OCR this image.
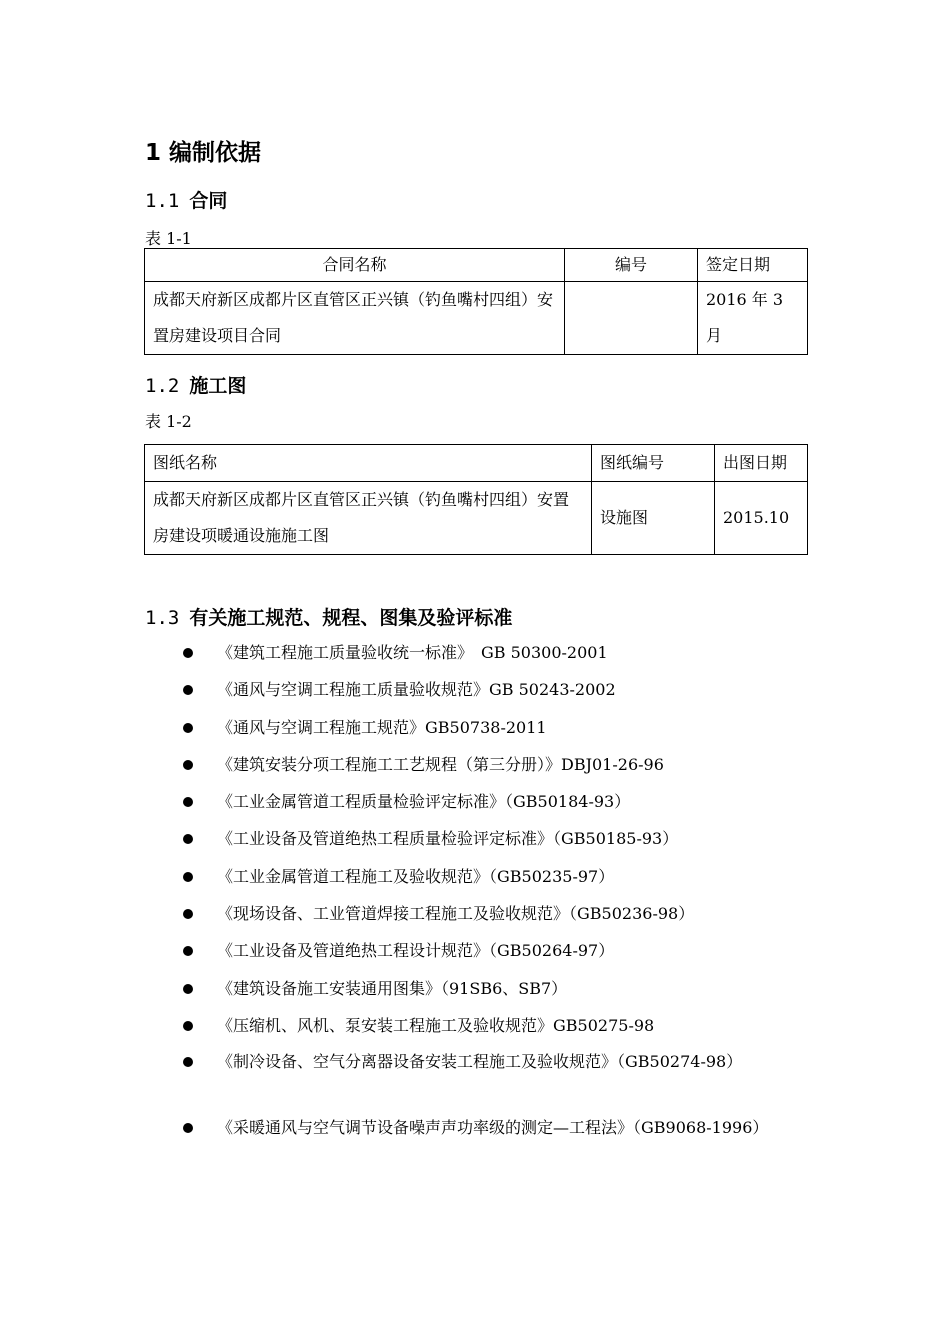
1 编制依据
1.1 合同
表 1-1
合同名称	编号	签定日期
成都天府新区成都片区直管区正兴镇（钓鱼嘴村四组）安置房建设项目合同		2016 年 3 月
1.2 施工图
表 1-2
图纸名称	图纸编号	出图日期
成都天府新区成都片区直管区正兴镇（钓鱼嘴村四组）安置房建设项暖通设施施工图	设施图	2015.10
1.3 有关施工规范、规程、图集及验评标准
《建筑工程施工质量验收统一标准》　GB 50300-2001
《通风与空调工程施工质量验收规范》GB 50243-2002
《通风与空调工程施工规范》GB50738-2011
《建筑安装分项工程施工工艺规程（第三分册）》DBJ01-26-96
《工业金属管道工程质量检验评定标准》（GB50184-93）
《工业设备及管道绝热工程质量检验评定标准》（GB50185-93）
《工业金属管道工程施工及验收规范》（GB50235-97）
《现场设备、工业管道焊接工程施工及验收规范》（GB50236-98）
《工业设备及管道绝热工程设计规范》（GB50264-97）
《建筑设备施工安装通用图集》（91SB6、SB7）
《压缩机、风机、泵安装工程施工及验收规范》GB50275-98
《制冷设备、空气分离器设备安装工程施工及验收规范》（GB50274-98）
《采暖通风与空气调节设备噪声声功率级的测定—工程法》（GB9068-1996）
